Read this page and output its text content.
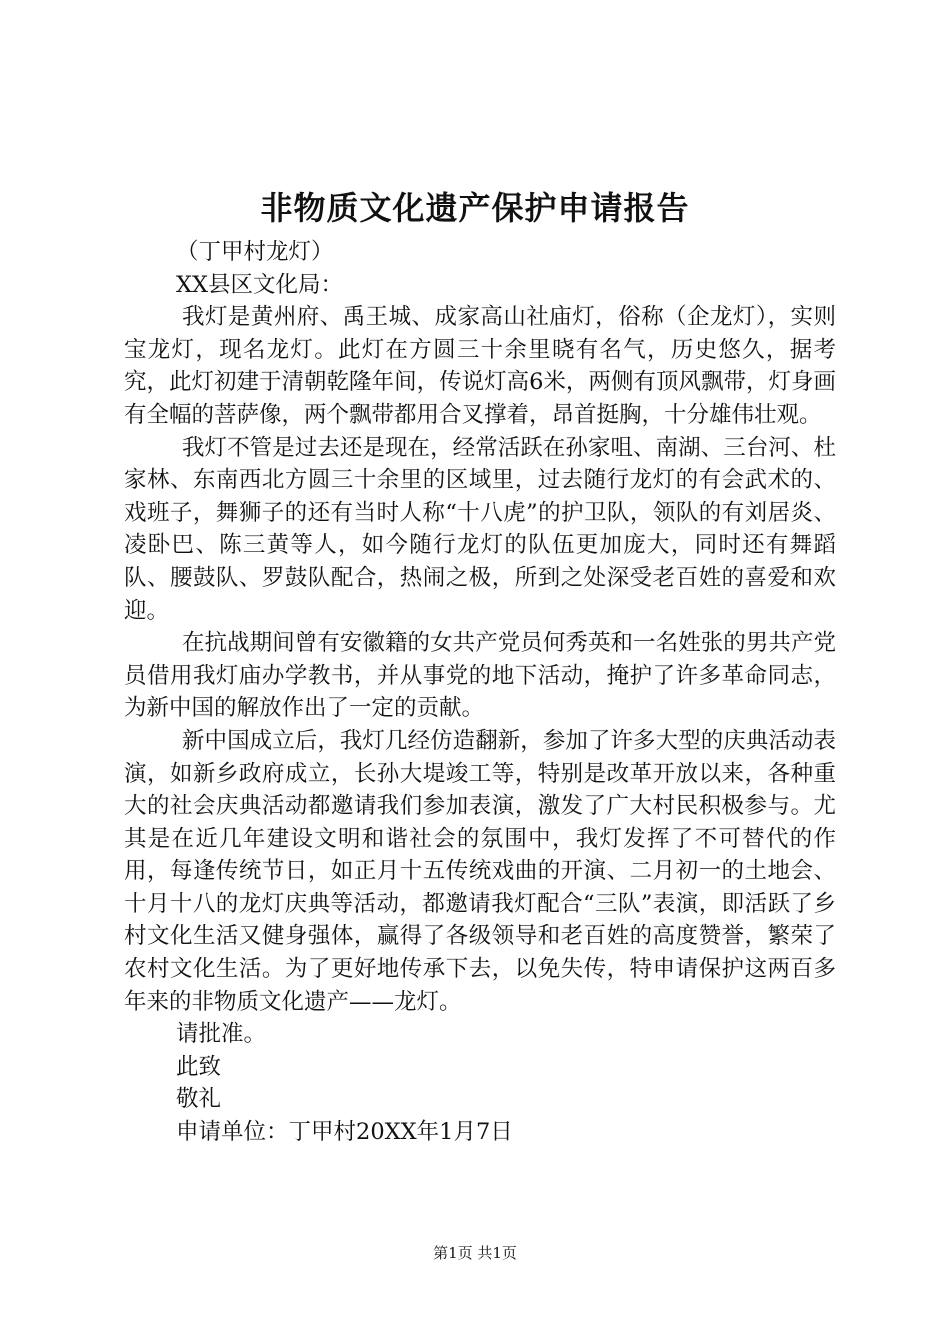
非物质文化遗产保护申请报告

（丁甲村龙灯）

XX县区文化局：

我灯是黄州府、禹王城、成家高山社庙灯，俗称（企龙灯），实则宝龙灯，现名龙灯。此灯在方圆三十余里晓有名气，历史悠久，据考究，此灯初建于清朝乾隆年间，传说灯高6米，两侧有顶风飘带，灯身画有全幅的菩萨像，两个飘带都用合叉撑着，昂首挺胸，十分雄伟壮观。

我灯不管是过去还是现在，经常活跃在孙家咀、南湖、三台河、杜家林、东南西北方圆三十余里的区域里，过去随行龙灯的有会武术的、戏班子，舞狮子的还有当时人称“十八虎”的护卫队，领队的有刘居炎、凌卧巴、陈三黄等人，如今随行龙灯的队伍更加庞大，同时还有舞蹈队、腰鼓队、罗鼓队配合，热闹之极，所到之处深受老百姓的喜爱和欢迎。

在抗战期间曾有安徽籍的女共产党员何秀英和一名姓张的男共产党员借用我灯庙办学教书，并从事党的地下活动，掩护了许多革命同志，为新中国的解放作出了一定的贡献。

新中国成立后，我灯几经仿造翻新，参加了许多大型的庆典活动表演，如新乡政府成立，长孙大堤竣工等，特别是改革开放以来，各种重大的社会庆典活动都邀请我们参加表演，激发了广大村民积极参与。尤其是在近几年建设文明和谐社会的氛围中，我灯发挥了不可替代的作用，每逢传统节日，如正月十五传统戏曲的开演、二月初一的土地会、十月十八的龙灯庆典等活动，都邀请我灯配合“三队”表演，即活跃了乡村文化生活又健身强体，赢得了各级领导和老百姓的高度赞誉，繁荣了农村文化生活。为了更好地传承下去，以免失传，特申请保护这两百多年来的非物质文化遗产——龙灯。

请批准。

此致

敬礼

申请单位：丁甲村20XX年1月7日

第1页 共1页
